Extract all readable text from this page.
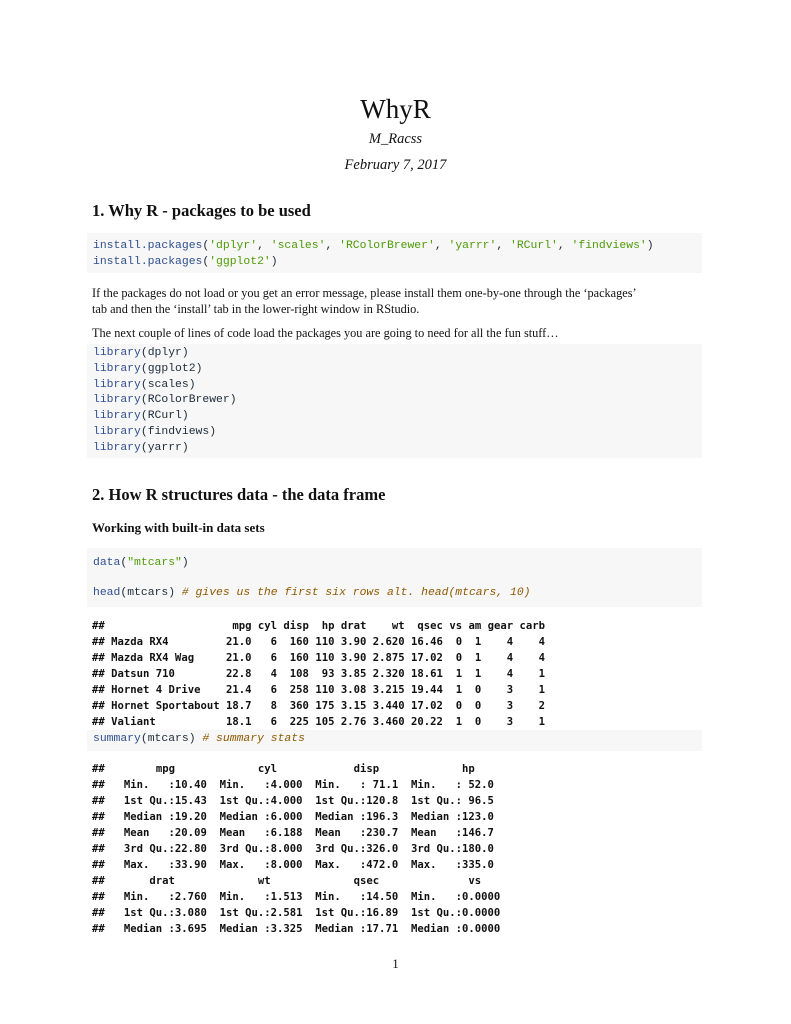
WhyR
M_Racss
February 7, 2017
1. Why R - packages to be used
install.packages('dplyr', 'scales', 'RColorBrewer', 'yarrr', 'RCurl', 'findviews')
install.packages('ggplot2')
If the packages do not load or you get an error message, please install them one-by-one through the ‘packages’
tab and then the ‘install’ tab in the lower-right window in RStudio.
The next couple of lines of code load the packages you are going to need for all the fun stuff…
library(dplyr)
library(ggplot2)
library(scales)
library(RColorBrewer)
library(RCurl)
library(findviews)
library(yarrr)
2. How R structures data - the data frame
Working with built-in data sets
data("mtcars")
head(mtcars) # gives us the first six rows alt. head(mtcars, 10)
##	mpg cyl disp hp drat wt qsec vs am gear carb
## Mazda RX4         21.0 6 160 110 3.90 2.620 16.46 0 1 4 4
## Mazda RX4 Wag     21.0 6 160 110 3.90 2.875 17.02 0 1 4 4
## Datsun 710        22.8 4 108 93 3.85 2.320 18.61 1 1 4 1
## Hornet 4 Drive    21.4 6 258 110 3.08 3.215 19.44 1 0 3 1
## Hornet Sportabout 18.7 8 360 175 3.15 3.440 17.02 0 0 3 2
## Valiant           18.1 6 225 105 2.76 3.460 20.22 1 0 3 1
summary(mtcars) # summary stats
##	mpg	cyl	disp	hp
## Min.   :10.40 Min.   :4.000 Min.   : 71.1 Min.   : 52.0
## 1st Qu.:15.43 1st Qu.:4.000 1st Qu.:120.8 1st Qu.: 96.5
## Median :19.20 Median :6.000 Median :196.3 Median :123.0
## Mean   :20.09 Mean   :6.188 Mean   :230.7 Mean   :146.7
## 3rd Qu.:22.80 3rd Qu.:8.000 3rd Qu.:326.0 3rd Qu.:180.0
## Max.   :33.90 Max.   :8.000 Max.   :472.0 Max.   :335.0
##	drat	wt	qsec	vs
## Min.   :2.760 Min.   :1.513 Min.   :14.50 Min.   :0.0000
## 1st Qu.:3.080 1st Qu.:2.581 1st Qu.:16.89 1st Qu.:0.0000
## Median :3.695 Median :3.325 Median :17.71 Median :0.0000
1
